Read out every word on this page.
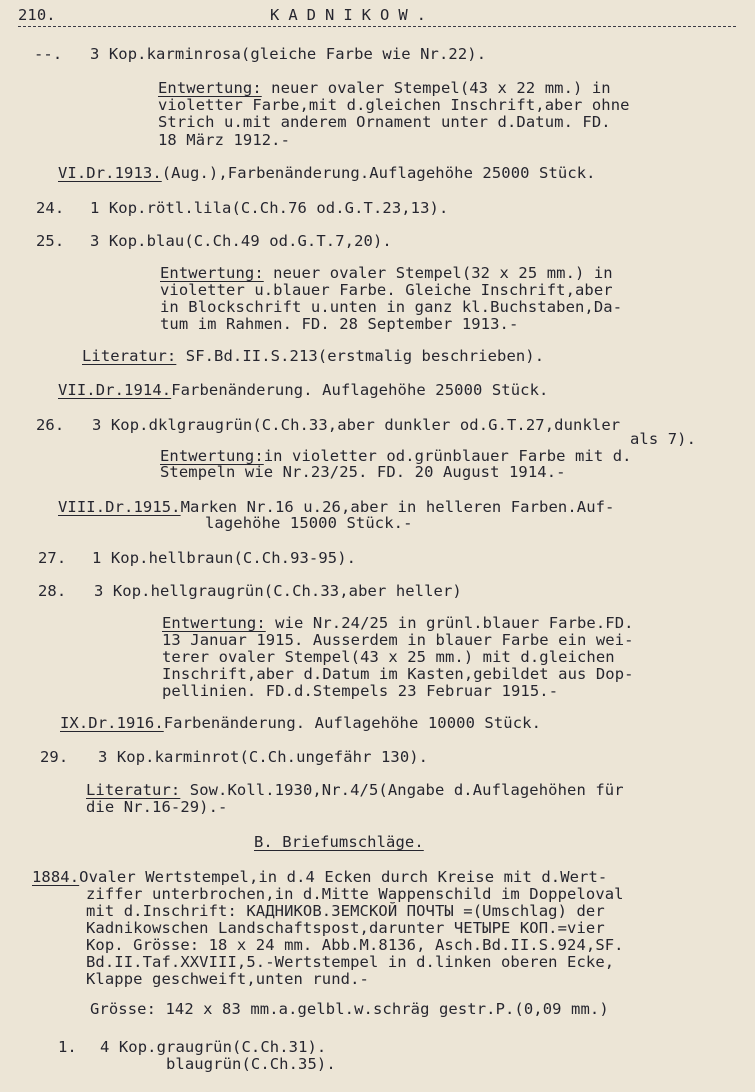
210.	KADNIKOW.
--. 3 Kop.karminrosa(gleiche Farbe wie Nr.22).
Entwertung: neuer ovaler Stempel(43 x 22 mm.) in
violetter Farbe,mit d.gleichen Inschrift,aber ohne
Strich u.mit anderem Ornament unter d.Datum. FD.
18 März 1912.-
VI.Dr.1913.(Aug.),Farbenänderung.Auflagehöhe 25000 Stück.
24. 1 Kop.rötl.lila(C.Ch.76 od.G.T.23,13).
25. 3 Kop.blau(C.Ch.49 od.G.T.7,20).
Entwertung: neuer ovaler Stempel(32 x 25 mm.) in
violetter u.blauer Farbe. Gleiche Inschrift,aber
in Blockschrift u.unten in ganz kl.Buchstaben,Da-
tum im Rahmen. FD. 28 September 1913.-
Literatur: SF.Bd.II.S.213(erstmalig beschrieben).
VII.Dr.1914.Farbenänderung. Auflagehöhe 25000 Stück.
26. 3 Kop.dklgraugrün(C.Ch.33,aber dunkler od.G.T.27,dunkler
als 7).
Entwertung:in violetter od.grünblauer Farbe mit d.
Stempeln wie Nr.23/25. FD. 20 August 1914.-
VIII.Dr.1915.Marken Nr.16 u.26,aber in helleren Farben.Auf-
lagehöhe 15000 Stück.-
27. 1 Kop.hellbraun(C.Ch.93-95).
28. 3 Kop.hellgraugrün(C.Ch.33,aber heller)
Entwertung: wie Nr.24/25 in grünl.blauer Farbe.FD.
13 Januar 1915. Ausserdem in blauer Farbe ein wei-
terer ovaler Stempel(43 x 25 mm.) mit d.gleichen
Inschrift,aber d.Datum im Kasten,gebildet aus Dop-
pellinien. FD.d.Stempels 23 Februar 1915.-
IX.Dr.1916.Farbenänderung. Auflagehöhe 10000 Stück.
29. 3 Kop.karminrot(C.Ch.ungefähr 130).
Literatur: Sow.Koll.1930,Nr.4/5(Angabe d.Auflagehöhen für
die Nr.16-29).-
B. Briefumschläge.
1884.Ovaler Wertstempel,in d.4 Ecken durch Kreise mit d.Wert-
ziffer unterbrochen,in d.Mitte Wappenschild im Doppeloval
mit d.Inschrift: КАДНИКОВ.ЗЕМСКОЙ ПОЧТЫ =(Umschlag) der
Kadnikowschen Landschaftspost,darunter ЧЕТЫРЕ КОП.=vier
Kop. Grösse: 18 x 24 mm. Abb.M.8136, Asch.Bd.II.S.924,SF.
Bd.II.Taf.XXVIII,5.-Wertstempel in d.linken oberen Ecke,
Klappe geschweift,unten rund.-
Grösse: 142 x 83 mm.a.gelbl.w.schräg gestr.P.(0,09 mm.)
1. 4 Kop.graugrün(C.Ch.31).
blaugrün(C.Ch.35).
